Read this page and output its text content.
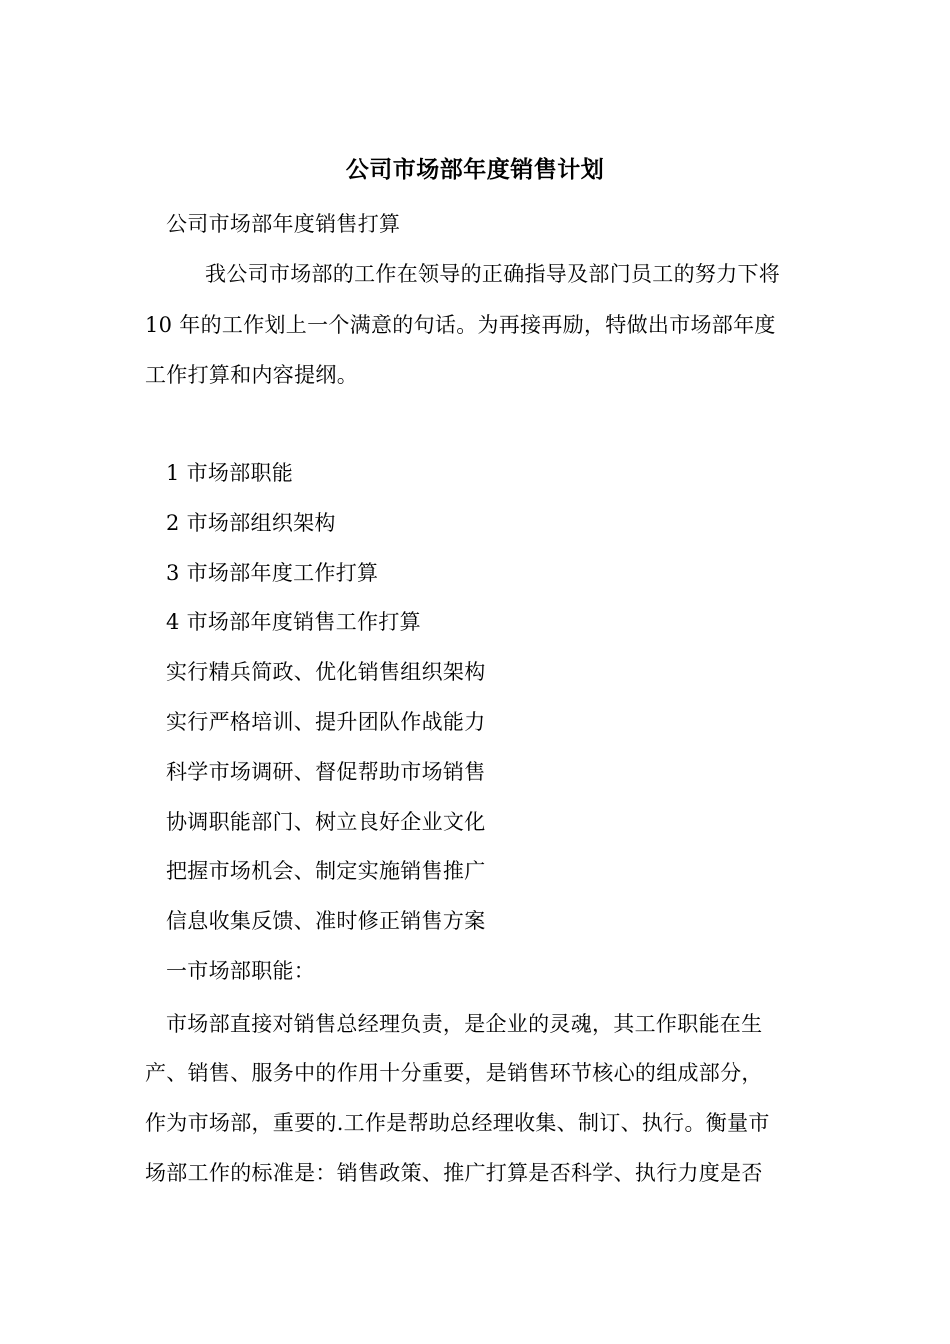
公司市场部年度销售计划
公司市场部年度销售打算
我公司市场部的工作在领导的正确指导及部门员工的努力下将
10 年的工作划上一个满意的句话。为再接再励，特做出市场部年度
工作打算和内容提纲。
1 市场部职能
2 市场部组织架构
3 市场部年度工作打算
4 市场部年度销售工作打算
实行精兵简政、优化销售组织架构
实行严格培训、提升团队作战能力
科学市场调研、督促帮助市场销售
协调职能部门、树立良好企业文化
把握市场机会、制定实施销售推广
信息收集反馈、准时修正销售方案
一市场部职能：
市场部直接对销售总经理负责，是企业的灵魂，其工作职能在生
产、销售、服务中的作用十分重要，是销售环节核心的组成部分，
作为市场部，重要的.工作是帮助总经理收集、制订、执行。衡量市
场部工作的标准是：销售政策、推广打算是否科学、执行力度是否
